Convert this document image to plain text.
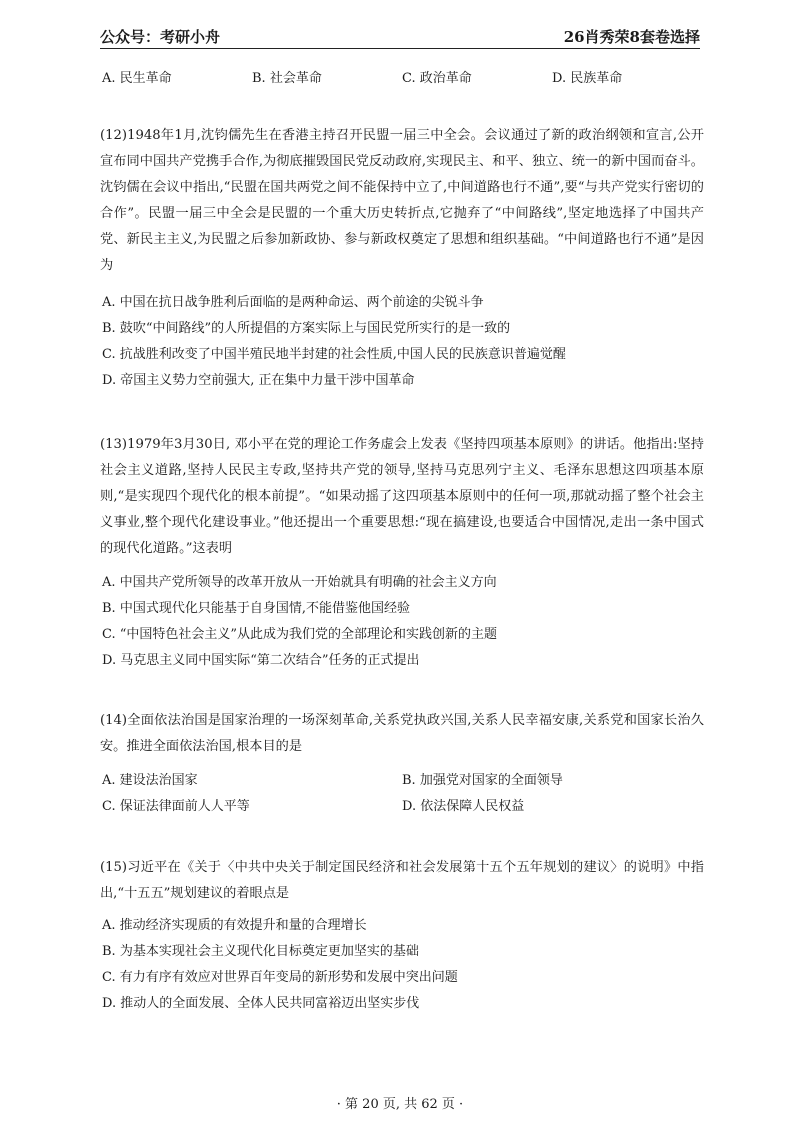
公众号：考研小舟	26肖秀荣8套卷选择
A. 民生革命	B. 社会革命	C. 政治革命	D. 民族革命
(12)1948年1月,沈钧儒先生在香港主持召开民盟一届三中全会。会议通过了新的政治纲领和宣言,公开宣布同中国共产党携手合作,为彻底摧毁国民党反动政府,实现民主、和平、独立、统一的新中国而奋斗。沈钧儒在会议中指出,“民盟在国共两党之间不能保持中立了,中间道路也行不通”,要“与共产党实行密切的合作”。民盟一届三中全会是民盟的一个重大历史转折点,它抛弃了“中间路线”,坚定地选择了中国共产党、新民主主义,为民盟之后参加新政协、参与新政权奠定了思想和组织基础。“中间道路也行不通”是因为
A. 中国在抗日战争胜利后面临的是两种命运、两个前途的尖锐斗争
B. 鼓吹“中间路线”的人所提倡的方案实际上与国民党所实行的是一致的
C. 抗战胜利改变了中国半殖民地半封建的社会性质,中国人民的民族意识普遍觉醒
D. 帝国主义势力空前强大, 正在集中力量干涉中国革命
(13)1979年3月30日, 邓小平在党的理论工作务虚会上发表《坚持四项基本原则》的讲话。他指出:坚持社会主义道路,坚持人民民主专政,坚持共产党的领导,坚持马克思列宁主义、毛泽东思想这四项基本原则,“是实现四个现代化的根本前提”。“如果动摇了这四项基本原则中的任何一项,那就动摇了整个社会主义事业,整个现代化建设事业。”他还提出一个重要思想:“现在搞建设,也要适合中国情况,走出一条中国式的现代化道路。”这表明
A. 中国共产党所领导的改革开放从一开始就具有明确的社会主义方向
B. 中国式现代化只能基于自身国情,不能借鉴他国经验
C. “中国特色社会主义”从此成为我们党的全部理论和实践创新的主题
D. 马克思主义同中国实际“第二次结合”任务的正式提出
(14)全面依法治国是国家治理的一场深刻革命,关系党执政兴国,关系人民幸福安康,关系党和国家长治久安。推进全面依法治国,根本目的是
A. 建设法治国家	B. 加强党对国家的全面领导
C. 保证法律面前人人平等	D. 依法保障人民权益
(15)习近平在《关于〈中共中央关于制定国民经济和社会发展第十五个五年规划的建议〉的说明》中指出,“十五五”规划建议的着眼点是
A. 推动经济实现质的有效提升和量的合理增长
B. 为基本实现社会主义现代化目标奠定更加坚实的基础
C. 有力有序有效应对世界百年变局的新形势和发展中突出问题
D. 推动人的全面发展、全体人民共同富裕迈出坚实步伐
· 第 20 页, 共 62 页 ·
